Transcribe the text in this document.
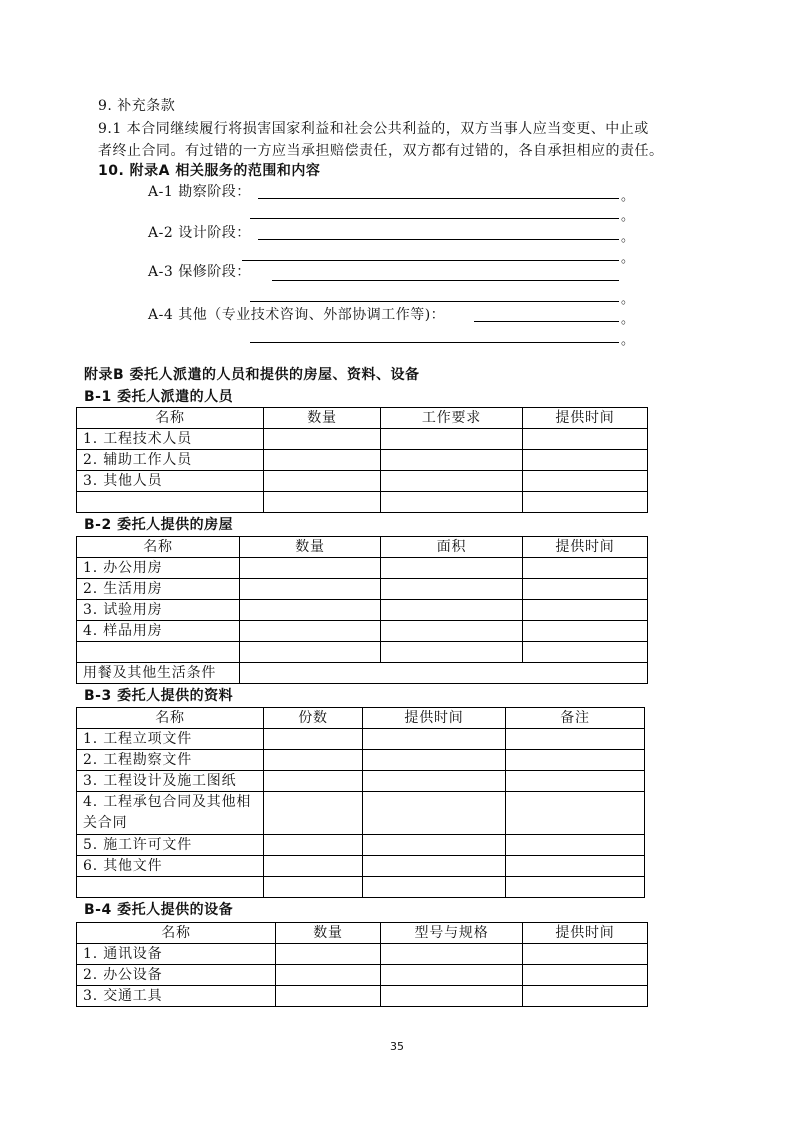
9. 补充条款
9.1 本合同继续履行将损害国家利益和社会公共利益的，双方当事人应当变更、中止或
者终止合同。有过错的一方应当承担赔偿责任，双方都有过错的，各自承担相应的责任。
10. 附录A 相关服务的范围和内容
A-1 勘察阶段：	。
。
A-2 设计阶段：	。
。
A-3 保修阶段：
。
A-4 其他（专业技术咨询、外部协调工作等)：	。
。
附录B 委托人派遣的人员和提供的房屋、资料、设备
B-1 委托人派遣的人员
名称	数量	工作要求	提供时间
1. 工程技术人员			
2. 辅助工作人员			
3. 其他人员			

B-2 委托人提供的房屋
名称	数量	面积	提供时间
1. 办公用房			
2. 生活用房			
3. 试验用房			
4. 样品用房			

用餐及其他生活条件			
B-3 委托人提供的资料
名称	份数	提供时间	备注
1. 工程立项文件			
2. 工程勘察文件			
3. 工程设计及施工图纸			
4. 工程承包合同及其他相关合同			
5. 施工许可文件			
6. 其他文件			

B-4 委托人提供的设备
名称	数量	型号与规格	提供时间
1. 通讯设备			
2. 办公设备			
3. 交通工具			
35
